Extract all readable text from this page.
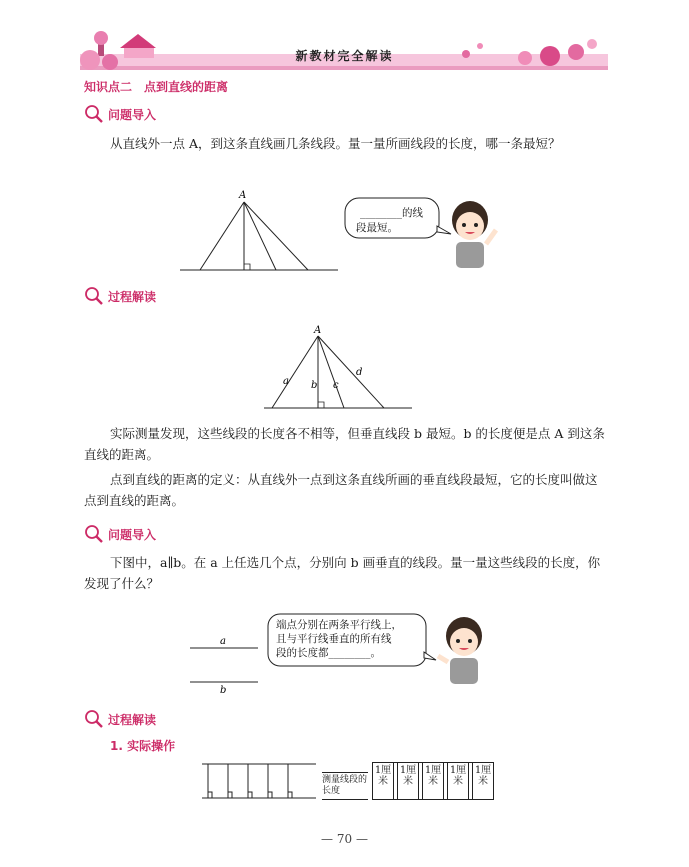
新教材完全解读
知识点二　点到直线的距离
问题导入
从直线外一点 A，到这条直线画几条线段。量一量所画线段的长度，哪一条最短？
A
________的线
段最短。
过程解读
A
a b c
d
实际测量发现，这些线段的长度各不相等，但垂直线段 b 最短。b 的长度便是点 A 到这条直线的距离。
点到直线的距离的定义：从直线外一点到这条直线所画的垂直线段最短，它的长度叫做这点到直线的距离。
问题导入
下图中，a∥b。在 a 上任选几个点，分别向 b 画垂直的线段。量一量这些线段的长度，你发现了什么？
a
b
端点分别在两条平行线上，
且与平行线垂直的所有线
段的长度都________。
过程解读
1. 实际操作
测量线段的长度
1厘米
1厘米
1厘米
1厘米
1厘米
— 70 —
